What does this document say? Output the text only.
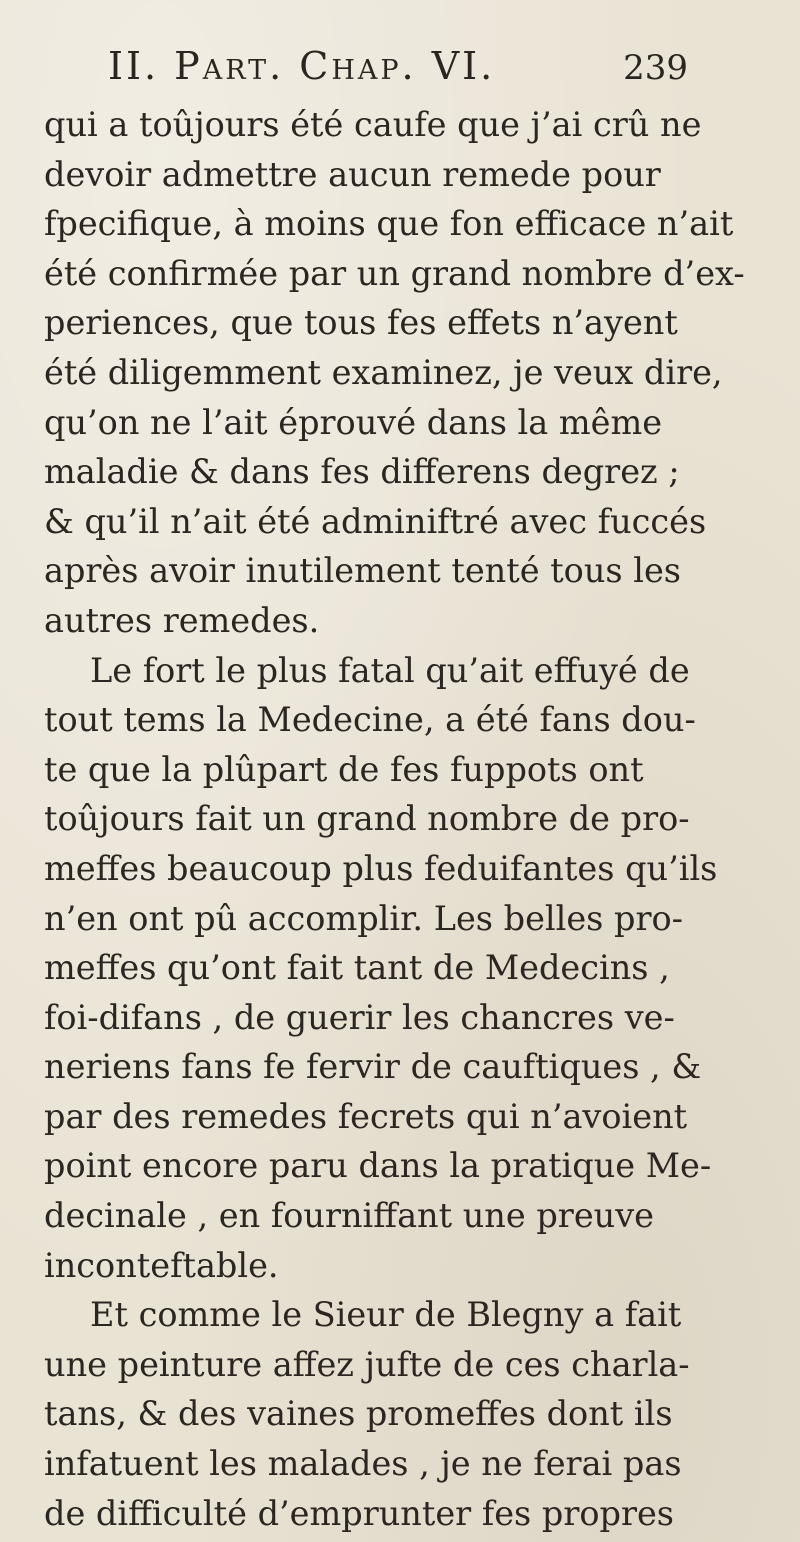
II. Part. Chap. VI.	239
qui a toûjours été caufe que j’ai crû ne
devoir admettre aucun remede pour
fpecifique, à moins que fon efficace n’ait
été confirmée par un grand nombre d’ex-
periences, que tous fes effets n’ayent
été diligemment examinez, je veux dire,
qu’on ne l’ait éprouvé dans la même
maladie & dans fes differens degrez ;
& qu’il n’ait été adminiftré avec fuccés
après avoir inutilement tenté tous les
autres remedes.
Le fort le plus fatal qu’ait effuyé de
tout tems la Medecine, a été fans dou-
te que la plûpart de fes fuppots ont
toûjours fait un grand nombre de pro-
meffes beaucoup plus feduifantes qu’ils
n’en ont pû accomplir. Les belles pro-
meffes qu’ont fait tant de Medecins ,
foi-difans , de guerir les chancres ve-
neriens fans fe fervir de cauftiques , &
par des remedes fecrets qui n’avoient
point encore paru dans la pratique Me-
decinale , en fourniffant une preuve
inconteftable.
Et comme le Sieur de Blegny a fait
une peinture affez jufte de ces charla-
tans, & des vaines promeffes dont ils
infatuent les malades , je ne ferai pas
de difficulté d’emprunter fes propres
